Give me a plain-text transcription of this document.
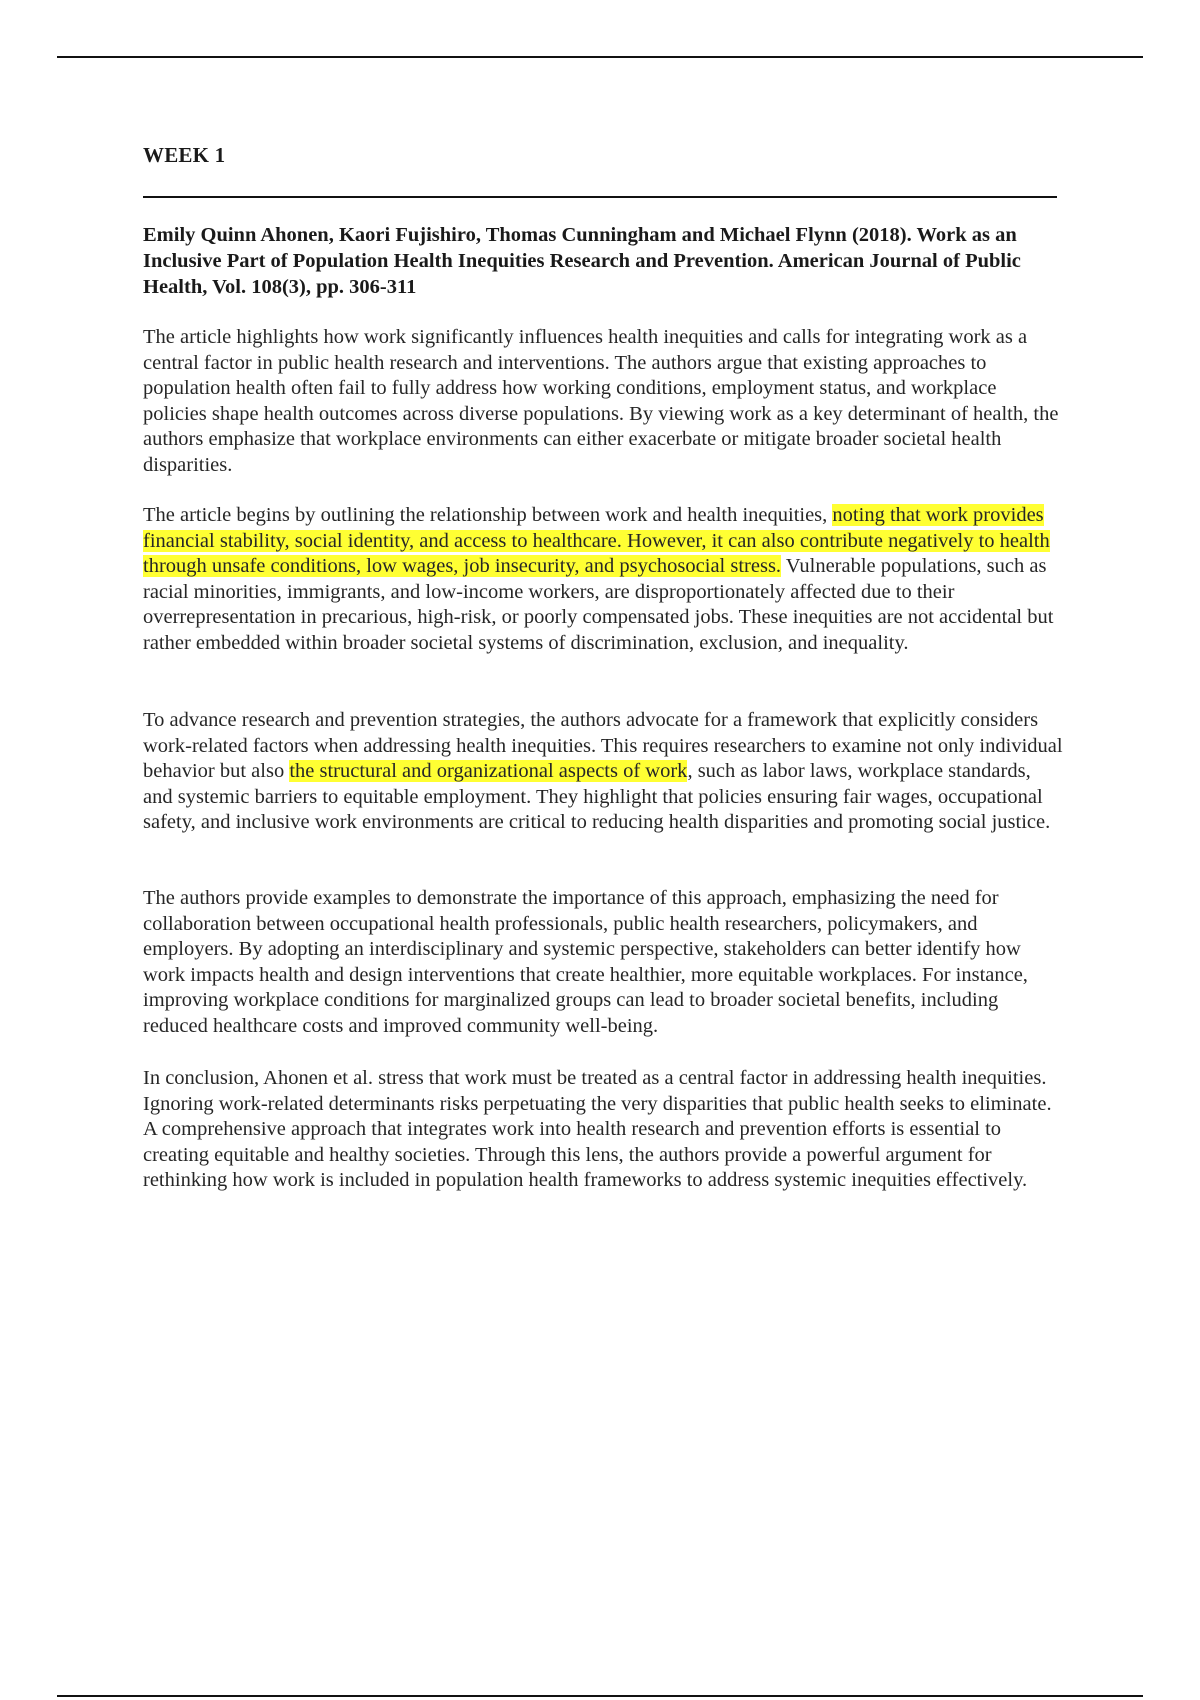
WEEK 1

Emily Quinn Ahonen, Kaori Fujishiro, Thomas Cunningham and Michael Flynn (2018). Work as an Inclusive Part of Population Health Inequities Research and Prevention. American Journal of Public Health, Vol. 108(3), pp. 306-311

The article highlights how work significantly influences health inequities and calls for integrating work as a central factor in public health research and interventions. The authors argue that existing approaches to population health often fail to fully address how working conditions, employment status, and workplace policies shape health outcomes across diverse populations. By viewing work as a key determinant of health, the authors emphasize that workplace environments can either exacerbate or mitigate broader societal health disparities.

The article begins by outlining the relationship between work and health inequities, noting that work provides financial stability, social identity, and access to healthcare. However, it can also contribute negatively to health through unsafe conditions, low wages, job insecurity, and psychosocial stress. Vulnerable populations, such as racial minorities, immigrants, and low-income workers, are disproportionately affected due to their overrepresentation in precarious, high-risk, or poorly compensated jobs. These inequities are not accidental but rather embedded within broader societal systems of discrimination, exclusion, and inequality.

To advance research and prevention strategies, the authors advocate for a framework that explicitly considers work-related factors when addressing health inequities. This requires researchers to examine not only individual behavior but also the structural and organizational aspects of work, such as labor laws, workplace standards, and systemic barriers to equitable employment. They highlight that policies ensuring fair wages, occupational safety, and inclusive work environments are critical to reducing health disparities and promoting social justice.

The authors provide examples to demonstrate the importance of this approach, emphasizing the need for collaboration between occupational health professionals, public health researchers, policymakers, and employers. By adopting an interdisciplinary and systemic perspective, stakeholders can better identify how work impacts health and design interventions that create healthier, more equitable workplaces. For instance, improving workplace conditions for marginalized groups can lead to broader societal benefits, including reduced healthcare costs and improved community well-being.

In conclusion, Ahonen et al. stress that work must be treated as a central factor in addressing health inequities. Ignoring work-related determinants risks perpetuating the very disparities that public health seeks to eliminate. A comprehensive approach that integrates work into health research and prevention efforts is essential to creating equitable and healthy societies. Through this lens, the authors provide a powerful argument for rethinking how work is included in population health frameworks to address systemic inequities effectively.
